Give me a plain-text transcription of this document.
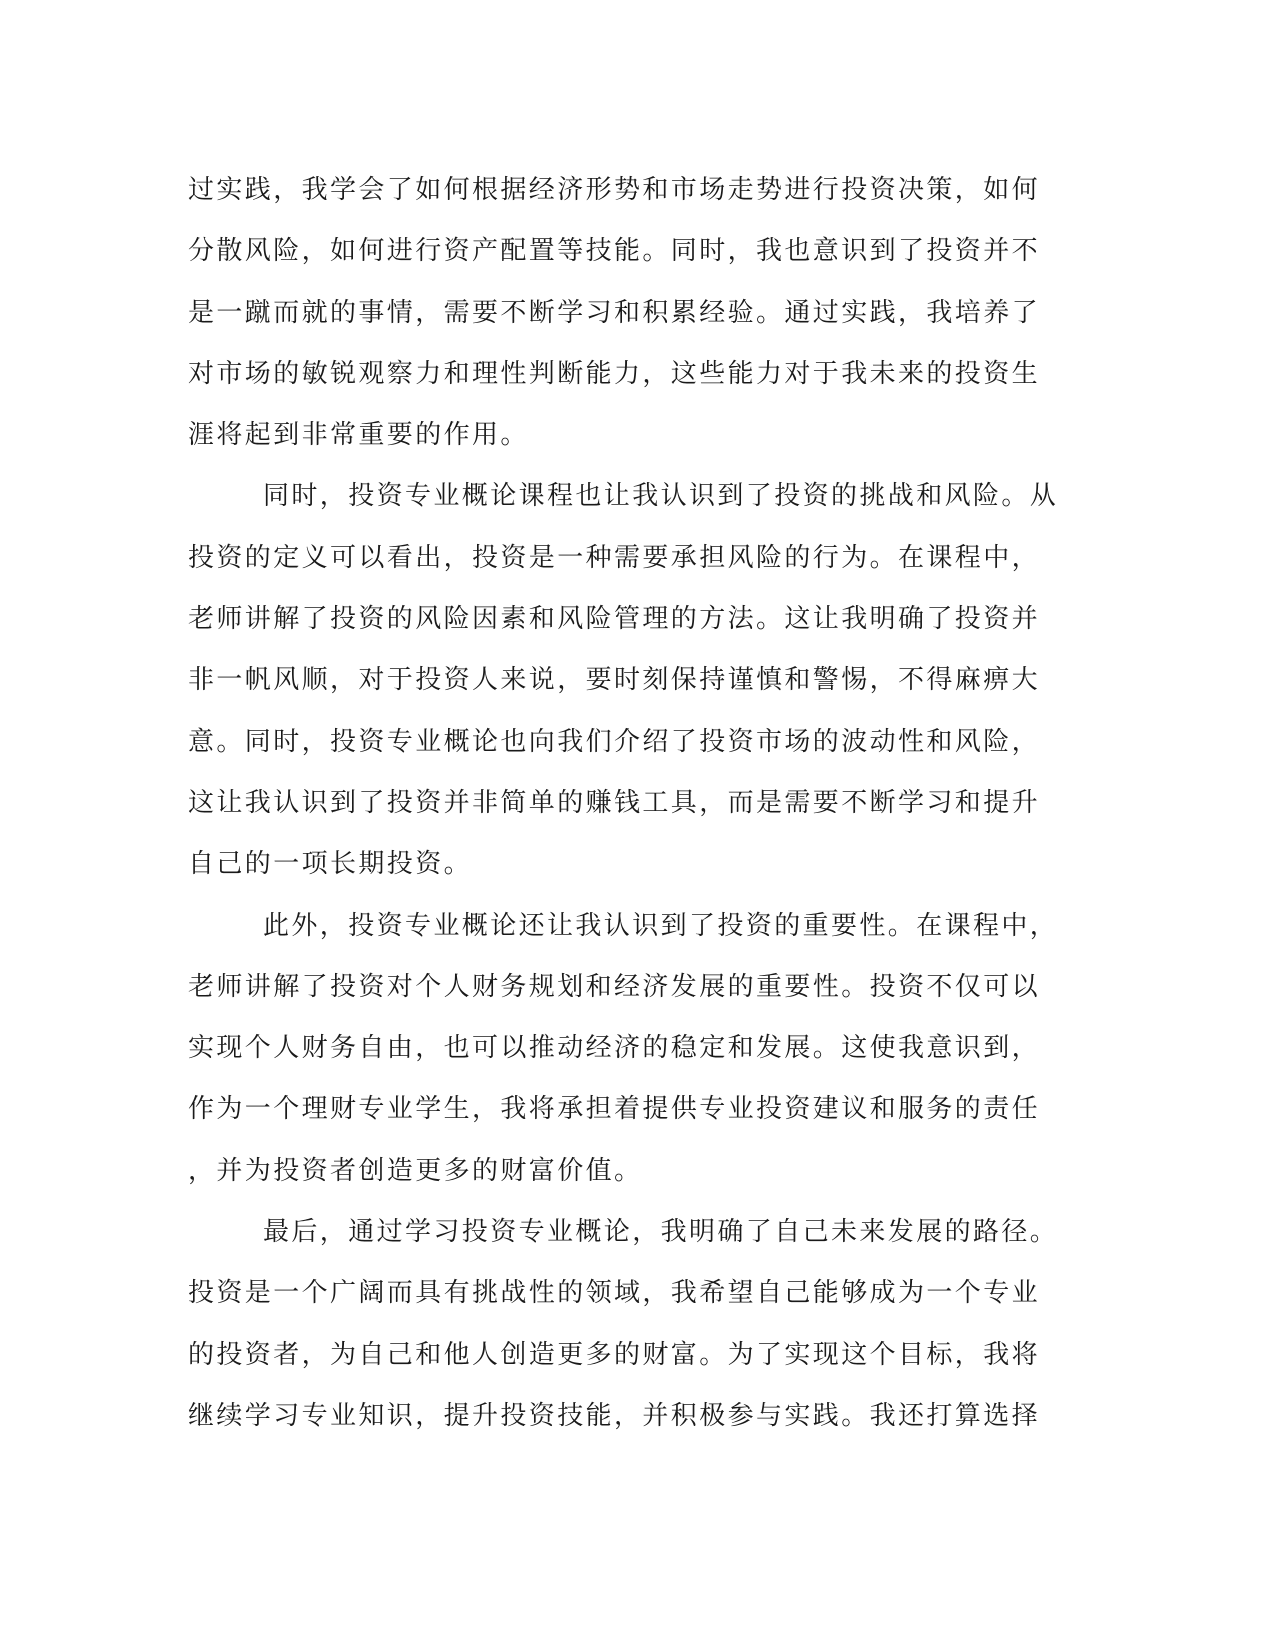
过实践，我学会了如何根据经济形势和市场走势进行投资决策，如何
分散风险，如何进行资产配置等技能。同时，我也意识到了投资并不
是一蹴而就的事情，需要不断学习和积累经验。通过实践，我培养了
对市场的敏锐观察力和理性判断能力，这些能力对于我未来的投资生
涯将起到非常重要的作用。
同时，投资专业概论课程也让我认识到了投资的挑战和风险。从
投资的定义可以看出，投资是一种需要承担风险的行为。在课程中，
老师讲解了投资的风险因素和风险管理的方法。这让我明确了投资并
非一帆风顺，对于投资人来说，要时刻保持谨慎和警惕，不得麻痹大
意。同时，投资专业概论也向我们介绍了投资市场的波动性和风险，
这让我认识到了投资并非简单的赚钱工具，而是需要不断学习和提升
自己的一项长期投资。
此外，投资专业概论还让我认识到了投资的重要性。在课程中，
老师讲解了投资对个人财务规划和经济发展的重要性。投资不仅可以
实现个人财务自由，也可以推动经济的稳定和发展。这使我意识到，
作为一个理财专业学生，我将承担着提供专业投资建议和服务的责任
，并为投资者创造更多的财富价值。
最后，通过学习投资专业概论，我明确了自己未来发展的路径。
投资是一个广阔而具有挑战性的领域，我希望自己能够成为一个专业
的投资者，为自己和他人创造更多的财富。为了实现这个目标，我将
继续学习专业知识，提升投资技能，并积极参与实践。我还打算选择
